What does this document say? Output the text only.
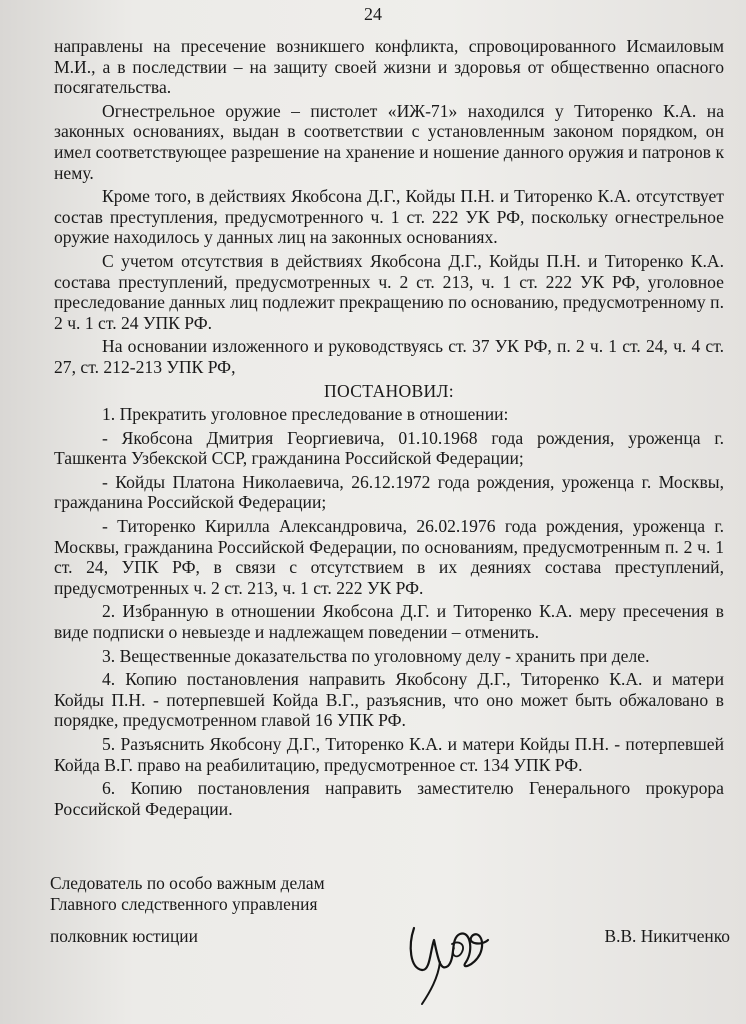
24

направлены на пресечение возникшего конфликта, спровоцированного Исмаиловым М.И., а в последствии – на защиту своей жизни и здоровья от общественно опасного посягательства.

Огнестрельное оружие – пистолет «ИЖ-71» находился у Титоренко К.А. на законных основаниях, выдан в соответствии с установленным законом порядком, он имел соответствующее разрешение на хранение и ношение данного оружия и патронов к нему.

Кроме того, в действиях Якобсона Д.Г., Койды П.Н. и Титоренко К.А. отсутствует состав преступления, предусмотренного ч. 1 ст. 222 УК РФ, поскольку огнестрельное оружие находилось у данных лиц на законных основаниях.

С учетом отсутствия в действиях Якобсона Д.Г., Койды П.Н. и Титоренко К.А. состава преступлений, предусмотренных ч. 2 ст. 213, ч. 1 ст. 222 УК РФ, уголовное преследование данных лиц подлежит прекращению по основанию, предусмотренному п. 2 ч. 1 ст. 24 УПК РФ.

На основании изложенного и руководствуясь ст. 37 УК РФ, п. 2 ч. 1 ст. 24, ч. 4 ст. 27, ст. 212-213 УПК РФ,

ПОСТАНОВИЛ:

1. Прекратить уголовное преследование в отношении:

- Якобсона Дмитрия Георгиевича, 01.10.1968 года рождения, уроженца г. Ташкента Узбекской ССР, гражданина Российской Федерации;

- Койды Платона Николаевича, 26.12.1972 года рождения, уроженца г. Москвы, гражданина Российской Федерации;

- Титоренко Кирилла Александровича, 26.02.1976 года рождения, уроженца г. Москвы, гражданина Российской Федерации, по основаниям, предусмотренным п. 2 ч. 1 ст. 24, УПК РФ, в связи с отсутствием в их деяниях состава преступлений, предусмотренных ч. 2 ст. 213, ч. 1 ст. 222 УК РФ.

2. Избранную в отношении Якобсона Д.Г. и Титоренко К.А. меру пресечения в виде подписки о невыезде и надлежащем поведении – отменить.

3. Вещественные доказательства по уголовному делу - хранить при деле.

4. Копию постановления направить Якобсону Д.Г., Титоренко К.А. и матери Койды П.Н. - потерпевшей Койда В.Г., разъяснив, что оно может быть обжаловано в порядке, предусмотренном главой 16 УПК РФ.

5. Разъяснить Якобсону Д.Г., Титоренко К.А. и матери Койды П.Н. - потерпевшей Койда В.Г. право на реабилитацию, предусмотренное ст. 134 УПК РФ.

6. Копию постановления направить заместителю Генерального прокурора Российской Федерации.

Следователь по особо важным делам
Главного следственного управления
полковник юстиции	В.В. Никитченко
